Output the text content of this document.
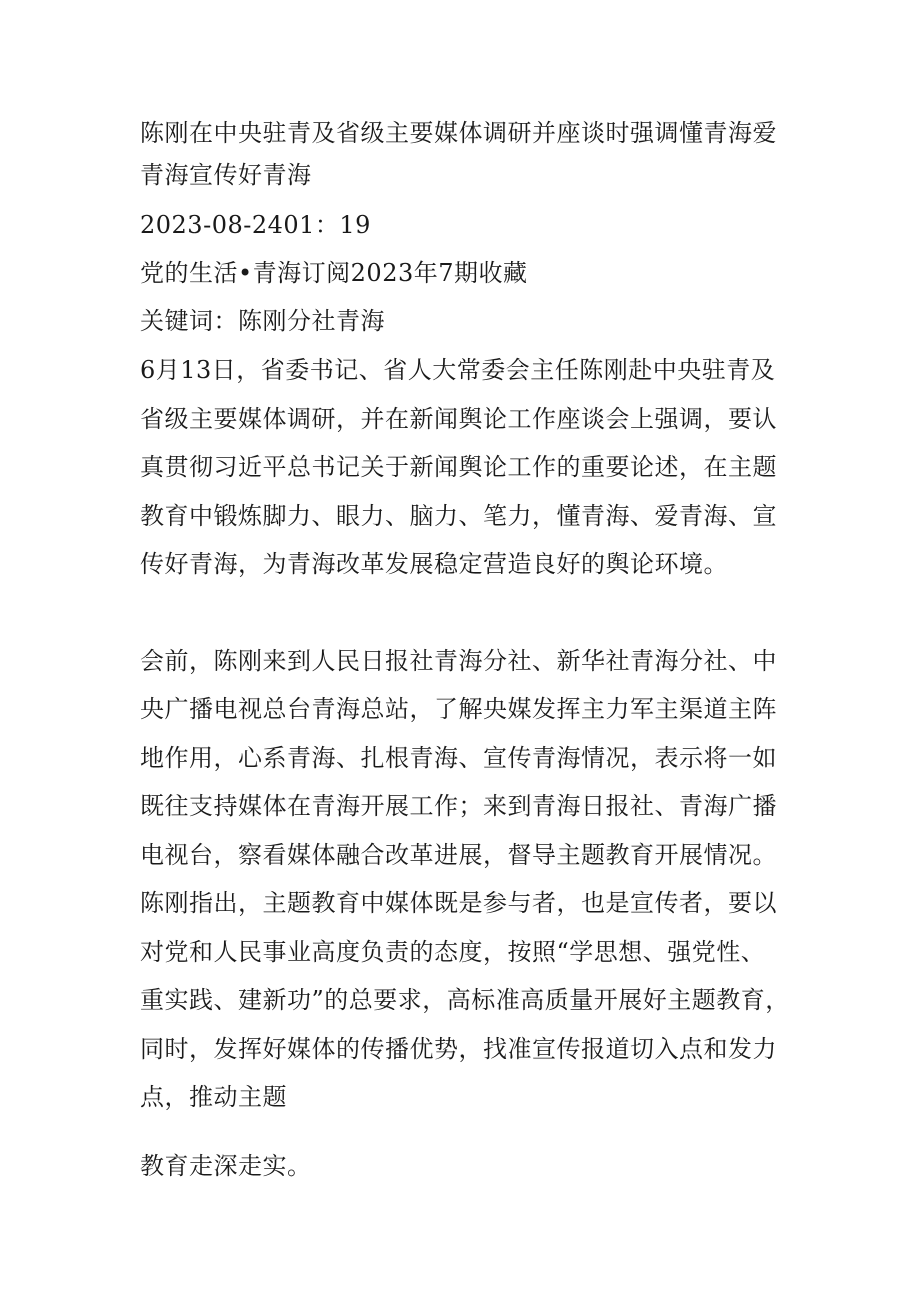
陈刚在中央驻青及省级主要媒体调研并座谈时强调懂青海爱

青海宣传好青海

2023-08-2401：19

党的生活•青海订阅2023年7期收藏

关键词：陈刚分社青海

6月13日，省委书记、省人大常委会主任陈刚赴中央驻青及
省级主要媒体调研，并在新闻舆论工作座谈会上强调，要认
真贯彻习近平总书记关于新闻舆论工作的重要论述，在主题
教育中锻炼脚力、眼力、脑力、笔力，懂青海、爱青海、宣
传好青海，为青海改革发展稳定营造良好的舆论环境。
会前，陈刚来到人民日报社青海分社、新华社青海分社、中
央广播电视总台青海总站，了解央媒发挥主力军主渠道主阵
地作用，心系青海、扎根青海、宣传青海情况，表示将一如
既往支持媒体在青海开展工作；来到青海日报社、青海广播
电视台，察看媒体融合改革进展，督导主题教育开展情况。
陈刚指出，主题教育中媒体既是参与者，也是宣传者，要以
对党和人民事业高度负责的态度，按照“学思想、强党性、
重实践、建新功”的总要求，高标准高质量开展好主题教育，
同时，发挥好媒体的传播优势，找准宣传报道切入点和发力
点，推动主题

教育走深走实。
